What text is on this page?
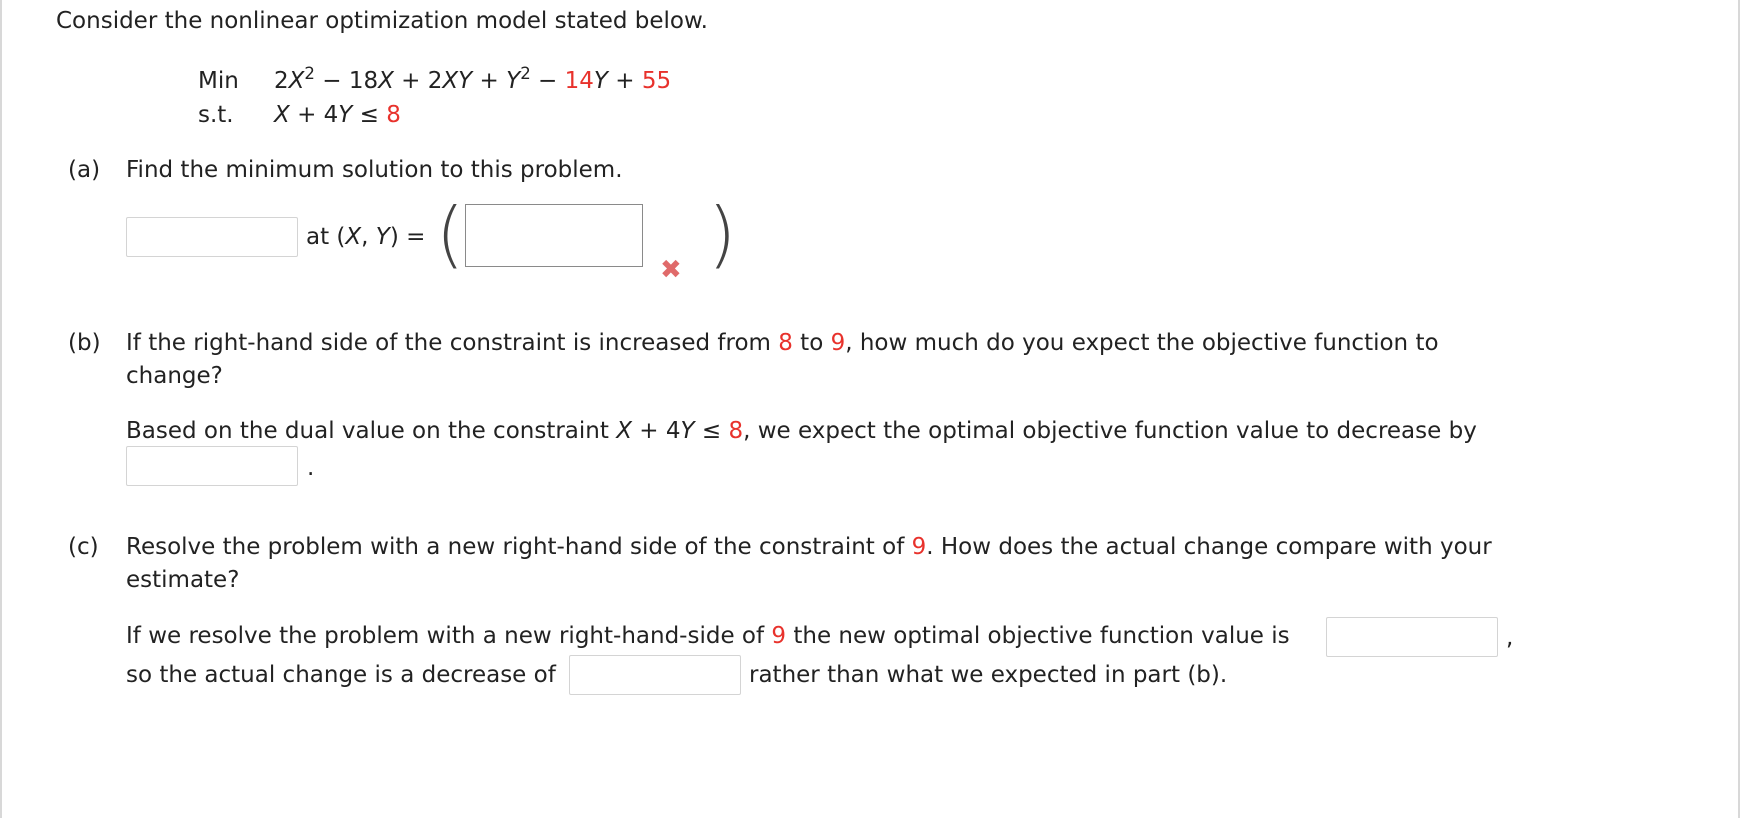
Consider the nonlinear optimization model stated below.
Min $2X^2 - 18X + 2XY + Y^2 - 14Y + 55$
s.t. X + 4Y ≤ 8
(a) Find the minimum solution to this problem.
at (X, Y) = (	✖ )
(b) If the right-hand side of the constraint is increased from 8 to 9, how much do you expect the objective function to
change?
Based on the dual value on the constraint X + 4Y ≤ 8, we expect the optimal objective function value to decrease by
.
(c) Resolve the problem with a new right-hand side of the constraint of 9. How does the actual change compare with your
estimate?
If we resolve the problem with a new right-hand-side of 9 the new optimal objective function value is	,
so the actual change is a decrease of	rather than what we expected in part (b).
